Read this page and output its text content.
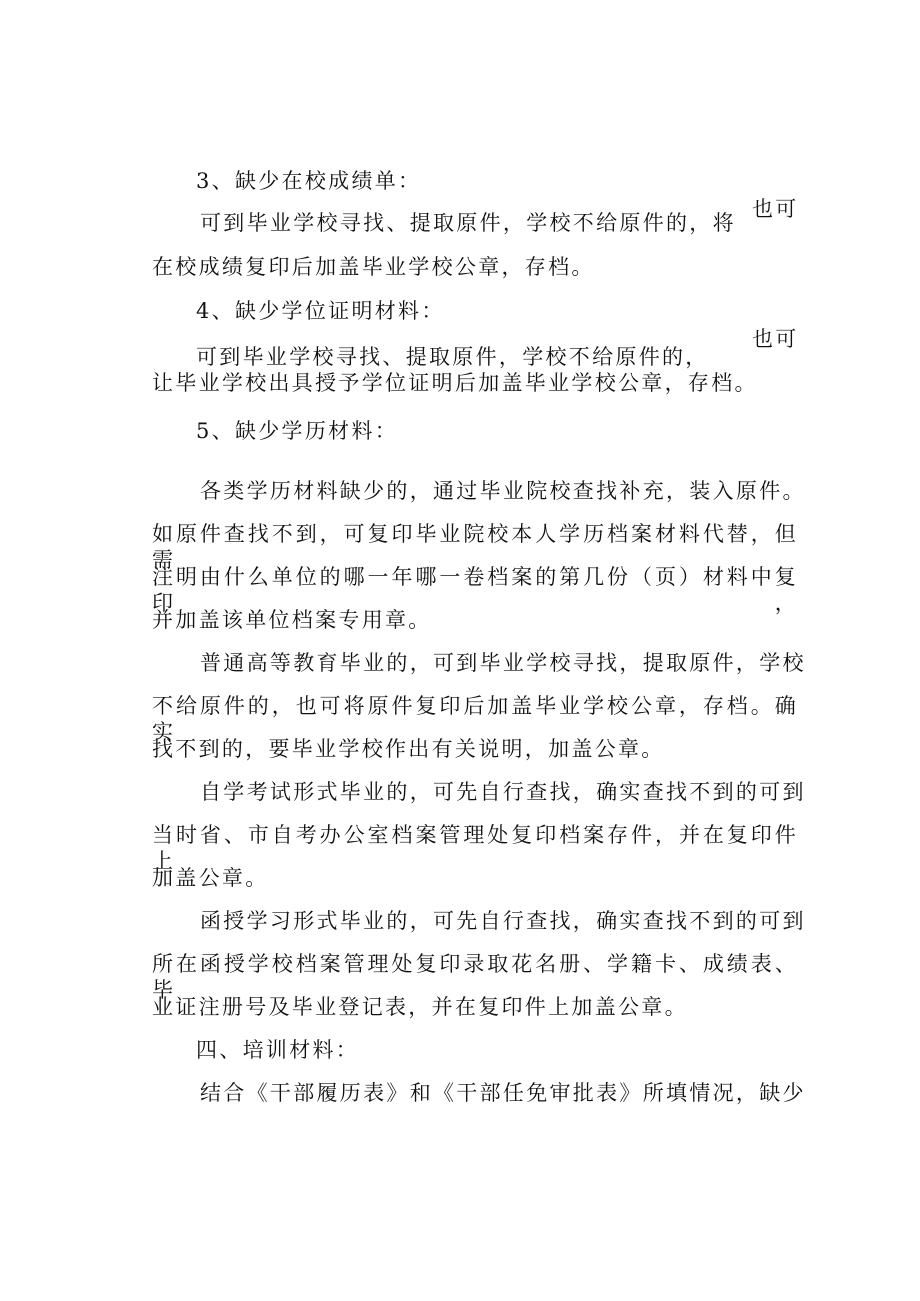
3、缺少在校成绩单：
可到毕业学校寻找、提取原件，学校不给原件的，将
也可
在校成绩复印后加盖毕业学校公章，存档。
4、缺少学位证明材料：
可到毕业学校寻找、提取原件，学校不给原件的，
也可
让毕业学校出具授予学位证明后加盖毕业学校公章，存档。
5、缺少学历材料：
各类学历材料缺少的，通过毕业院校查找补充，装入原件。
如原件查找不到，可复印毕业院校本人学历档案材料代替，但需
注明由什么单位的哪一年哪一卷档案的第几份（页）材料中复印，
并加盖该单位档案专用章。
普通高等教育毕业的，可到毕业学校寻找，提取原件，学校
不给原件的，也可将原件复印后加盖毕业学校公章，存档。确实
找不到的，要毕业学校作出有关说明，加盖公章。
自学考试形式毕业的，可先自行查找，确实查找不到的可到
当时省、市自考办公室档案管理处复印档案存件，并在复印件上
加盖公章。
函授学习形式毕业的，可先自行查找，确实查找不到的可到
所在函授学校档案管理处复印录取花名册、学籍卡、成绩表、毕
业证注册号及毕业登记表，并在复印件上加盖公章。
四、培训材料：
结合《干部履历表》和《干部任免审批表》所填情况，缺少
